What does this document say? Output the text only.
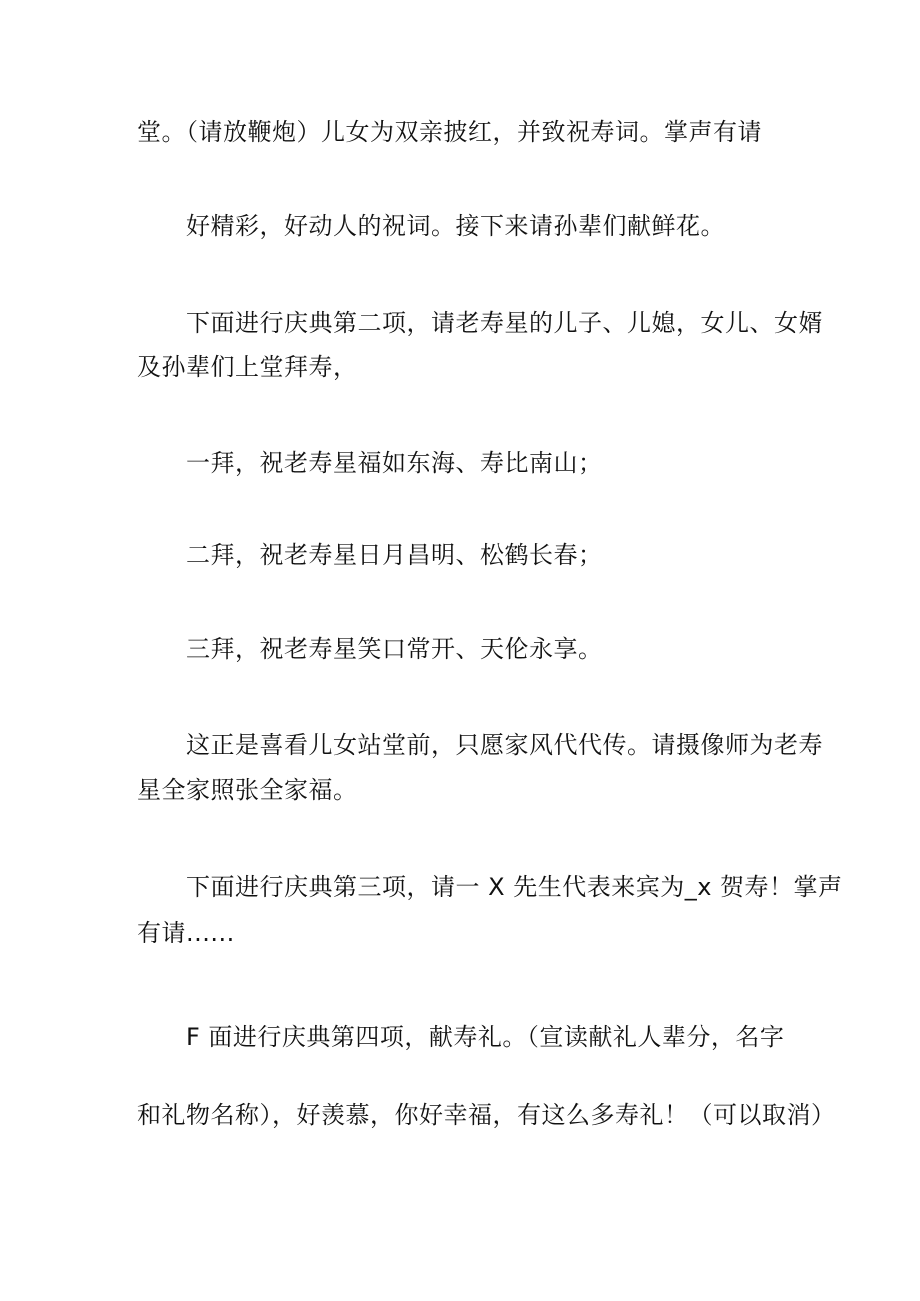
堂。（请放鞭炮）儿女为双亲披红，并致祝寿词。掌声有请
好精彩，好动人的祝词。接下来请孙辈们献鲜花。
下面进行庆典第二项，请老寿星的儿子、儿媳，女儿、女婿
及孙辈们上堂拜寿，
一拜，祝老寿星福如东海、寿比南山；
二拜，祝老寿星日月昌明、松鹤长春；
三拜，祝老寿星笑口常开、天伦永享。
这正是喜看儿女站堂前，只愿家风代代传。请摄像师为老寿
星全家照张全家福。
下面进行庆典第三项，请一 X 先生代表来宾为_x 贺寿！掌声
有请......
F 面进行庆典第四项，献寿礼。（宣读献礼人辈分，名字
和礼物名称），好羡慕，你好幸福，有这么多寿礼！（可以取消）
